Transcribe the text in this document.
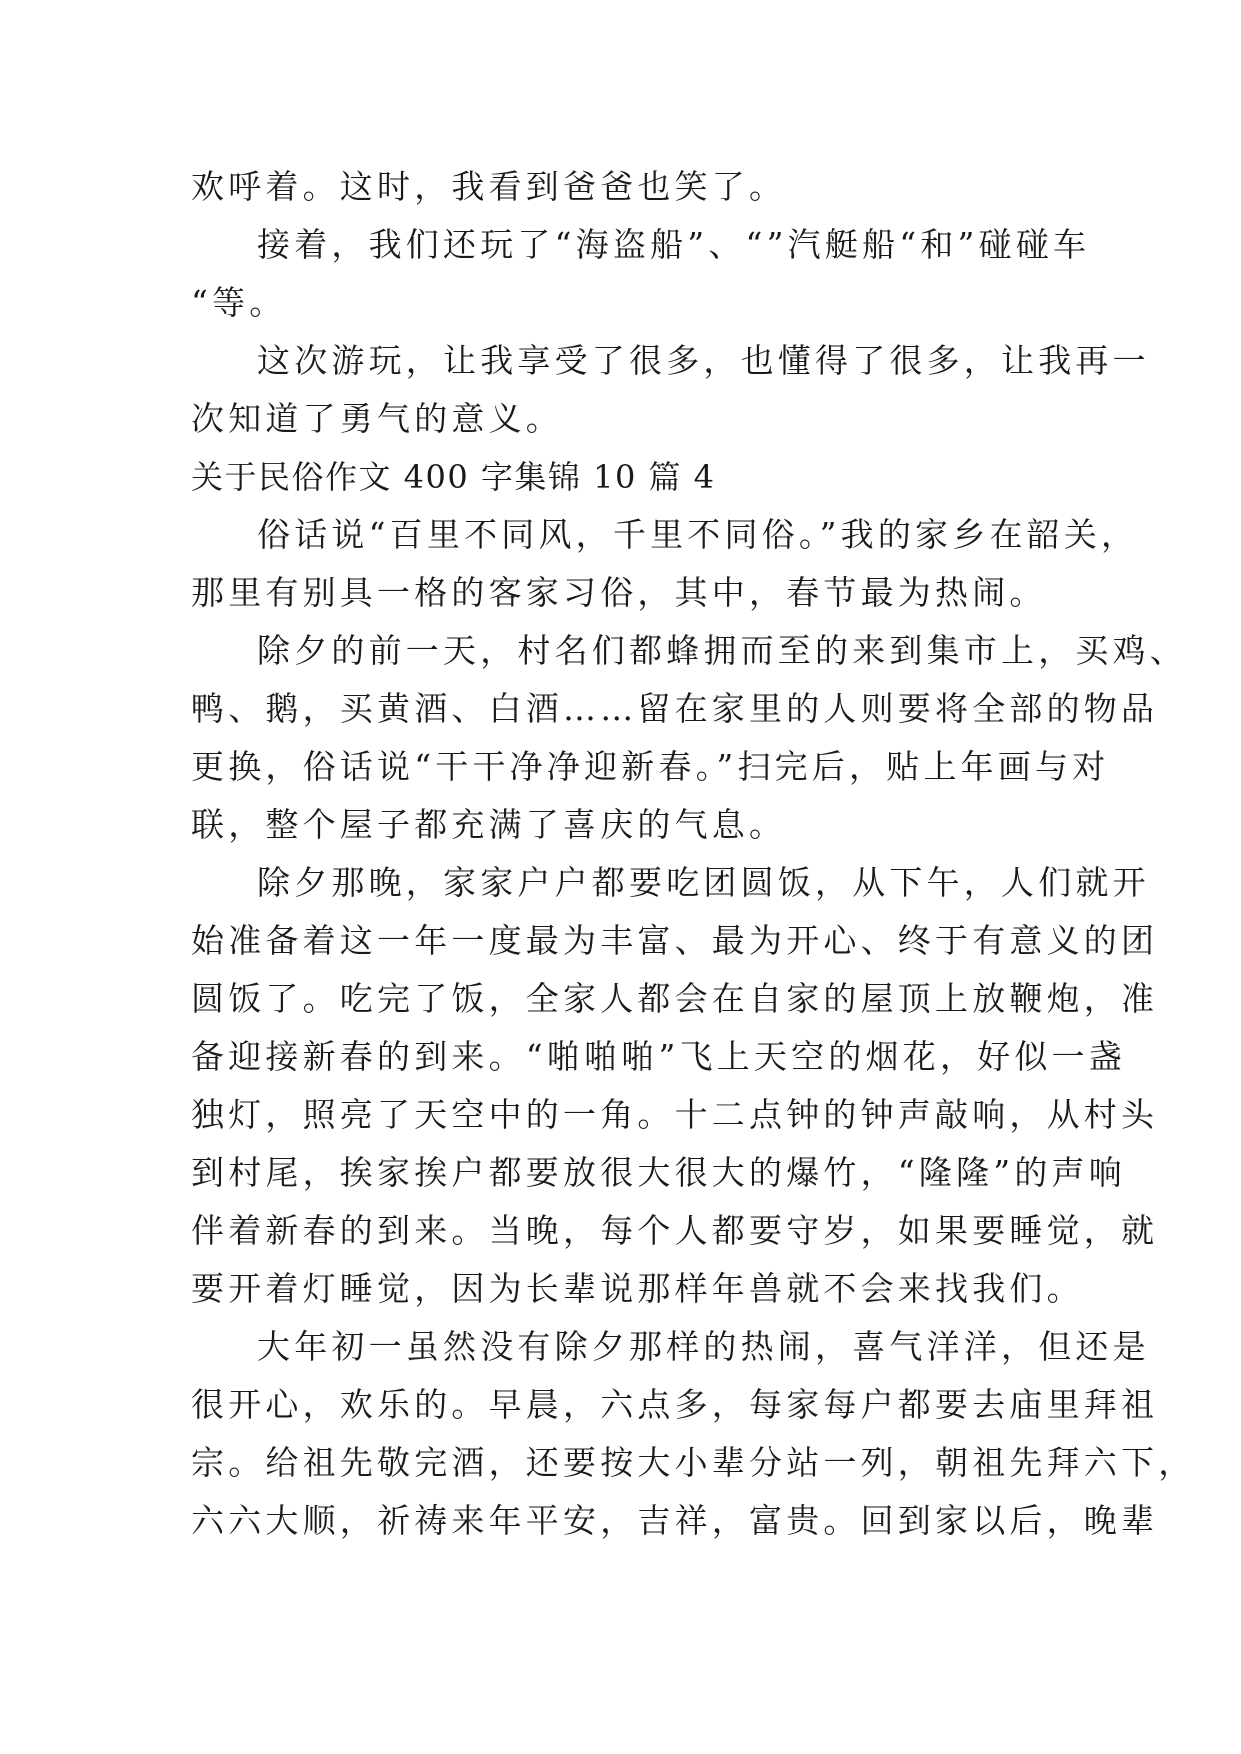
欢呼着。这时，我看到爸爸也笑了。
接着，我们还玩了“海盗船”、“”汽艇船“和”碰碰车
“等。
这次游玩，让我享受了很多，也懂得了很多，让我再一
次知道了勇气的意义。
关于民俗作文 400 字集锦 10 篇 4
俗话说“百里不同风，千里不同俗。”我的家乡在韶关，
那里有别具一格的客家习俗，其中，春节最为热闹。
除夕的前一天，村名们都蜂拥而至的来到集市上，买鸡、
鸭、鹅，买黄酒、白酒……留在家里的人则要将全部的物品
更换，俗话说“干干净净迎新春。”扫完后，贴上年画与对
联，整个屋子都充满了喜庆的气息。
除夕那晚，家家户户都要吃团圆饭，从下午，人们就开
始准备着这一年一度最为丰富、最为开心、终于有意义的团
圆饭了。吃完了饭，全家人都会在自家的屋顶上放鞭炮，准
备迎接新春的到来。“啪啪啪”飞上天空的烟花，好似一盏
独灯，照亮了天空中的一角。十二点钟的钟声敲响，从村头
到村尾，挨家挨户都要放很大很大的爆竹，“隆隆”的声响
伴着新春的到来。当晚，每个人都要守岁，如果要睡觉，就
要开着灯睡觉，因为长辈说那样年兽就不会来找我们。
大年初一虽然没有除夕那样的热闹，喜气洋洋，但还是
很开心，欢乐的。早晨，六点多，每家每户都要去庙里拜祖
宗。给祖先敬完酒，还要按大小辈分站一列，朝祖先拜六下，
六六大顺，祈祷来年平安，吉祥，富贵。回到家以后，晚辈
